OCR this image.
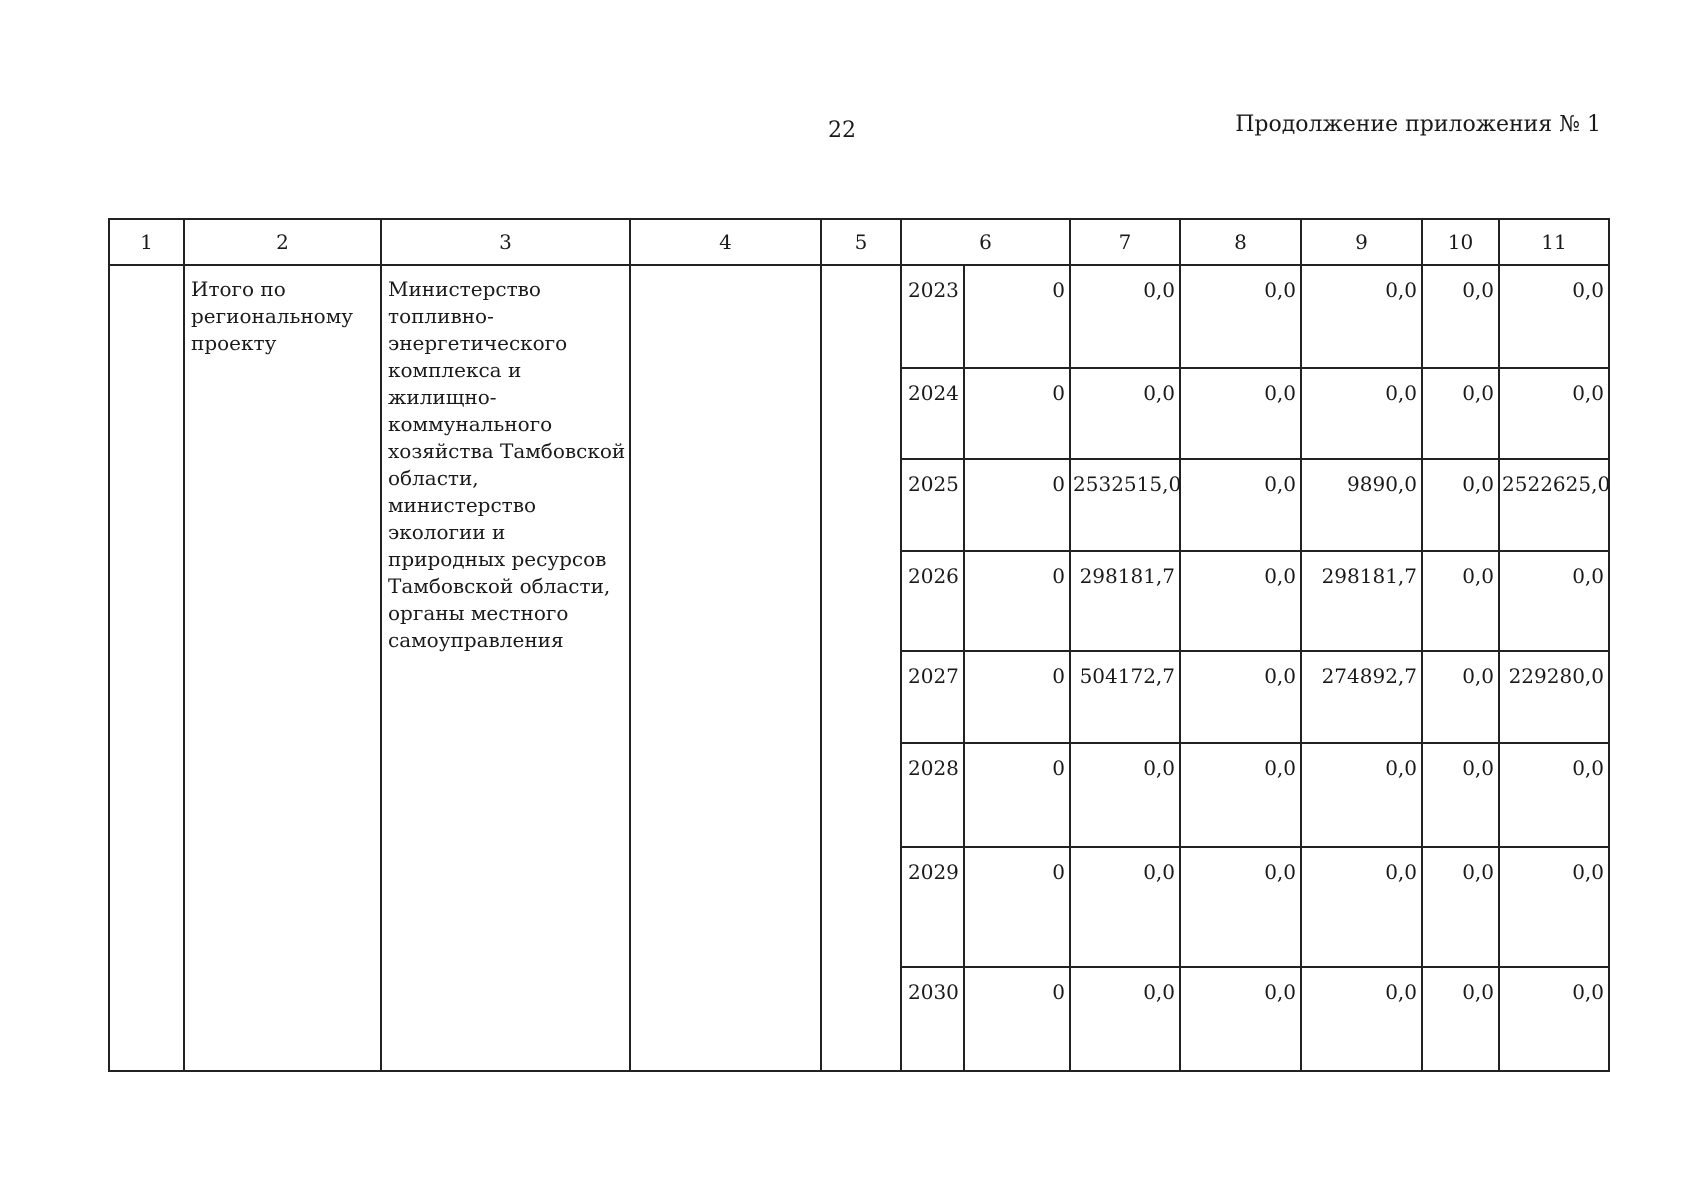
22	Продолжение приложения № 1
1	2	3	4	5	6		7	8	9	10	11

	Итого по региональному проекту	Министерство топливно-энергетического комплекса и жилищно-коммунального хозяйства Тамбовской области, министерство экологии и природных ресурсов Тамбовской области, органы местного самоуправления			2023	0	0,0	0,0	0,0	0,0	0,0
					2024	0	0,0	0,0	0,0	0,0	0,0
					2025	0	2532515,0	0,0	9890,0	0,0	2522625,0
					2026	0	298181,7	0,0	298181,7	0,0	0,0
					2027	0	504172,7	0,0	274892,7	0,0	229280,0
					2028	0	0,0	0,0	0,0	0,0	0,0
					2029	0	0,0	0,0	0,0	0,0	0,0
					2030	0	0,0	0,0	0,0	0,0	0,0
